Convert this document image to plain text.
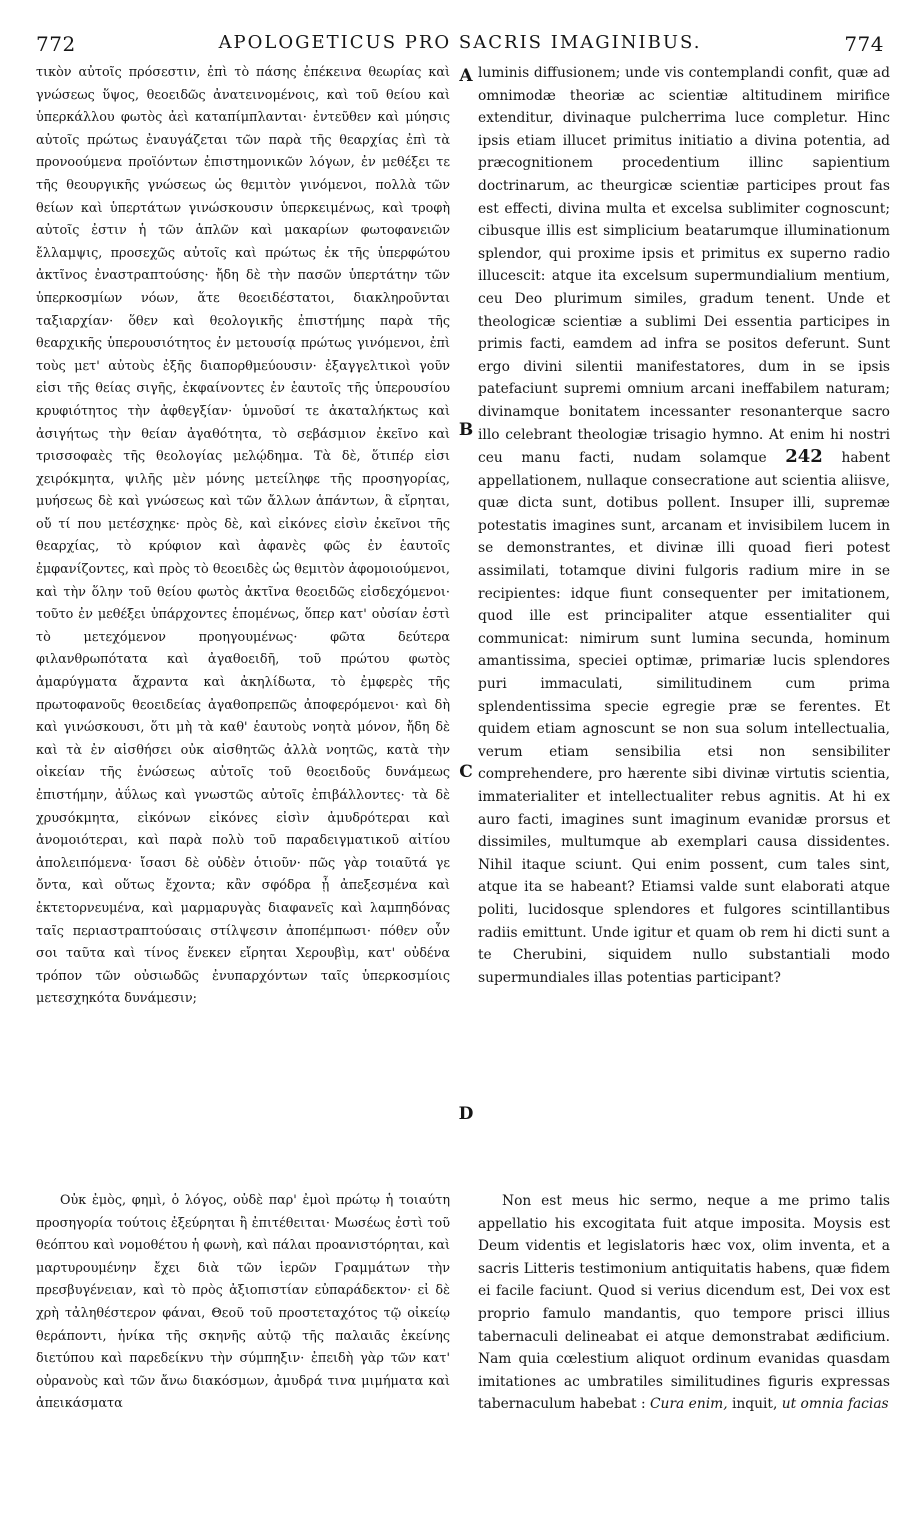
772	APOLOGETICUS PRO SACRIS IMAGINIBUS.	774

τικὸν αὐτοῖς πρόσεστιν, ἐπὶ τὸ πάσης ἐπέκεινα θεωρίας καὶ γνώσεως ὕψος, θεοειδῶς ἀνατεινομένοις, καὶ τοῦ θείου καὶ ὑπερκάλλου φωτὸς ἀεὶ καταπίμπλανται· ἐντεῦθεν καὶ μύησις αὐτοῖς πρώτως ἐναυγάζεται τῶν παρὰ τῆς θεαρχίας ἐπὶ τὰ προνοούμενα προϊόντων ἐπιστημονικῶν λόγων, ἐν μεθέξει τε τῆς θεουργικῆς γνώσεως ὡς θεμιτὸν γινόμενοι, πολλὰ τῶν θείων καὶ ὑπερτάτων γινώσκουσιν ὑπερκειμένως, καὶ τροφὴ αὐτοῖς ἐστιν ἡ τῶν ἁπλῶν καὶ μακαρίων φωτοφανειῶν ἔλλαμψις, προσεχῶς αὐτοῖς καὶ πρώτως ἐκ τῆς ὑπερφώτου ἀκτῖνος ἐναστραπτούσης· ἤδη δὲ τὴν πασῶν ὑπερτάτην τῶν ὑπερκοσμίων νόων, ἅτε θεοειδέστατοι, διακληροῦνται ταξιαρχίαν· ὅθεν καὶ θεολογικῆς ἐπιστήμης παρὰ τῆς θεαρχικῆς ὑπερουσιότητος ἐν μετουσίᾳ πρώτως γινόμενοι, ἐπὶ τοὺς μετ' αὐτοὺς ἐξῆς διαπορθμεύουσιν· ἐξαγγελτικοὶ γοῦν εἰσι τῆς θείας σιγῆς, ἐκφαίνοντες ἐν ἑαυτοῖς τῆς ὑπερουσίου κρυφιότητος τὴν ἀφθεγξίαν· ὑμνοῦσί τε ἀκαταλήκτως καὶ ἀσιγήτως τὴν θείαν ἀγαθότητα, τὸ σεβάσμιον ἐκεῖνο καὶ τρισσοφαὲς τῆς θεολογίας μελῴδημα. Τὰ δὲ, ὅτιπέρ εἰσι χειρόκμητα, ψιλῆς μὲν μόνης μετείληφε τῆς προσηγορίας, μυήσεως δὲ καὶ γνώσεως καὶ τῶν ἄλλων ἁπάντων, ἃ εἴρηται, οὔ τί που μετέσχηκε· πρὸς δὲ, καὶ εἰκόνες εἰσὶν ἐκεῖνοι τῆς θεαρχίας, τὸ κρύφιον καὶ ἀφανὲς φῶς ἐν ἑαυτοῖς ἐμφανίζοντες, καὶ πρὸς τὸ θεοειδὲς ὡς θεμιτὸν ἀφομοιούμενοι, καὶ τὴν ὅλην τοῦ θείου φωτὸς ἀκτῖνα θεοειδῶς εἰσδεχόμενοι· τοῦτο ἐν μεθέξει ὑπάρχοντες ἑπομένως, ὅπερ κατ' οὐσίαν ἐστὶ τὸ μετεχόμενον προηγουμένως· φῶτα δεύτερα φιλανθρωπότατα καὶ ἀγαθοειδῆ, τοῦ πρώτου φωτὸς ἀμαρύγματα ἄχραντα καὶ ἀκηλίδωτα, τὸ ἐμφερὲς τῆς πρωτοφανοῦς θεοειδείας ἀγαθοπρεπῶς ἀποφερόμενοι· καὶ δὴ καὶ γινώσκουσι, ὅτι μὴ τὰ καθ' ἑαυτοὺς νοητὰ μόνον, ἤδη δὲ καὶ τὰ ἐν αἰσθήσει οὐκ αἰσθητῶς ἀλλὰ νοητῶς, κατὰ τὴν οἰκείαν τῆς ἑνώσεως αὐτοῖς τοῦ θεοειδοῦς δυνάμεως ἐπιστήμην, ἀΰλως καὶ γνωστῶς αὐτοῖς ἐπιβάλλοντες· τὰ δὲ χρυσόκμητα, εἰκόνων εἰκόνες εἰσὶν ἀμυδρότεραι καὶ ἀνομοιότεραι, καὶ παρὰ πολὺ τοῦ παραδειγματικοῦ αἰτίου ἀπολειπόμενα· ἴσασι δὲ οὐδὲν ὁτιοῦν· πῶς γὰρ τοιαῦτά γε ὄντα, καὶ οὕτως ἔχοντα; κἂν σφόδρα ᾖ ἀπεξεσμένα καὶ ἐκτετορνευμένα, καὶ μαρμαρυγὰς διαφανεῖς καὶ λαμπηδόνας ταῖς περιαστραπτούσαις στίλψεσιν ἀποπέμπωσι· πόθεν οὖν σοι ταῦτα καὶ τίνος ἕνεκεν εἴρηται Χερουβὶμ, κατ' οὐδένα τρόπον τῶν οὐσιωδῶς ἐνυπαρχόντων ταῖς ὑπερκοσμίοις μετεσχηκότα δυνάμεσιν;

luminis diffusionem; unde vis contemplandi confit, quæ ad omnimodæ theoriæ ac scientiæ altitudinem mirifice extenditur, divinaque pulcherrima luce completur. Hinc ipsis etiam illucet primitus initiatio a divina potentia, ad præcognitionem procedentium illinc sapientium doctrinarum, ac theurgicæ scientiæ participes prout fas est effecti, divina multa et excelsa sublimiter cognoscunt; cibusque illis est simplicium beatarumque illuminationum splendor, qui proxime ipsis et primitus ex superno radio illucescit: atque ita excelsum supermundialium mentium, ceu Deo plurimum similes, gradum tenent. Unde et theologicæ scientiæ a sublimi Dei essentia participes in primis facti, eamdem ad infra se positos deferunt. Sunt ergo divini silentii manifestatores, dum in se ipsis patefaciunt supremi omnium arcani ineffabilem naturam; divinamque bonitatem incessanter resonanterque sacro illo celebrant theologiæ trisagio hymno. At enim hi nostri ceu manu facti, nudam solamque 242 habent appellationem, nullaque consecratione aut scientia aliisve, quæ dicta sunt, dotibus pollent. Insuper illi, supremæ potestatis imagines sunt, arcanam et invisibilem lucem in se demonstrantes, et divinæ illi quoad fieri potest assimilati, totamque divini fulgoris radium mire in se recipientes: idque fiunt consequenter per imitationem, quod ille est principaliter atque essentialiter qui communicat: nimirum sunt lumina secunda, hominum amantissima, speciei optimæ, primariæ lucis splendores puri immaculati, similitudinem cum prima splendentissima specie egregie præ se ferentes. Et quidem etiam agnoscunt se non sua solum intellectualia, verum etiam sensibilia etsi non sensibiliter comprehendere, pro hærente sibi divinæ virtutis scientia, immaterialiter et intellectualiter rebus agnitis. At hi ex auro facti, imagines sunt imaginum evanidæ prorsus et dissimiles, multumque ab exemplari causa dissidentes. Nihil itaque sciunt. Qui enim possent, cum tales sint, atque ita se habeant? Etiamsi valde sunt elaborati atque politi, lucidosque splendores et fulgores scintillantibus radiis emittunt. Unde igitur et quam ob rem hi dicti sunt a te Cherubini, siquidem nullo substantiali modo supermundiales illas potentias participant?

A
B
C
D

Οὐκ ἐμὸς, φημὶ, ὁ λόγος, οὐδὲ παρ' ἐμοὶ πρώτῳ ἡ τοιαύτη προσηγορία τούτοις ἐξεύρηται ἢ ἐπιτέθειται· Μωσέως ἐστὶ τοῦ θεόπτου καὶ νομοθέτου ἡ φωνὴ, καὶ πάλαι προανιστόρηται, καὶ μαρτυρουμένην ἔχει διὰ τῶν ἱερῶν Γραμμάτων τὴν πρεσβυγένειαν, καὶ τὸ πρὸς ἀξιοπιστίαν εὐπαράδεκτον· εἰ δὲ χρὴ τἀληθέστερον φάναι, Θεοῦ τοῦ προστεταχότος τῷ οἰκείῳ θεράποντι, ἡνίκα τῆς σκηνῆς αὐτῷ τῆς παλαιᾶς ἐκείνης διετύπου καὶ παρεδείκνυ τὴν σύμπηξιν· ἐπειδὴ γὰρ τῶν κατ' οὐρανοὺς καὶ τῶν ἄνω διακόσμων, ἀμυδρά τινα μιμήματα καὶ ἀπεικάσματα

Non est meus hic sermo, neque a me primo talis appellatio his excogitata fuit atque imposita. Moysis est Deum videntis et legislatoris hæc vox, olim inventa, et a sacris Litteris testimonium antiquitatis habens, quæ fidem ei facile faciunt. Quod si verius dicendum est, Dei vox est proprio famulo mandantis, quo tempore prisci illius tabernaculi delineabat ei atque demonstrabat ædificium. Nam quia cœlestium aliquot ordinum evanidas quasdam imitationes ac umbratiles similitudines figuris expressas tabernaculum habebat : Cura enim, inquit, ut omnia facias
